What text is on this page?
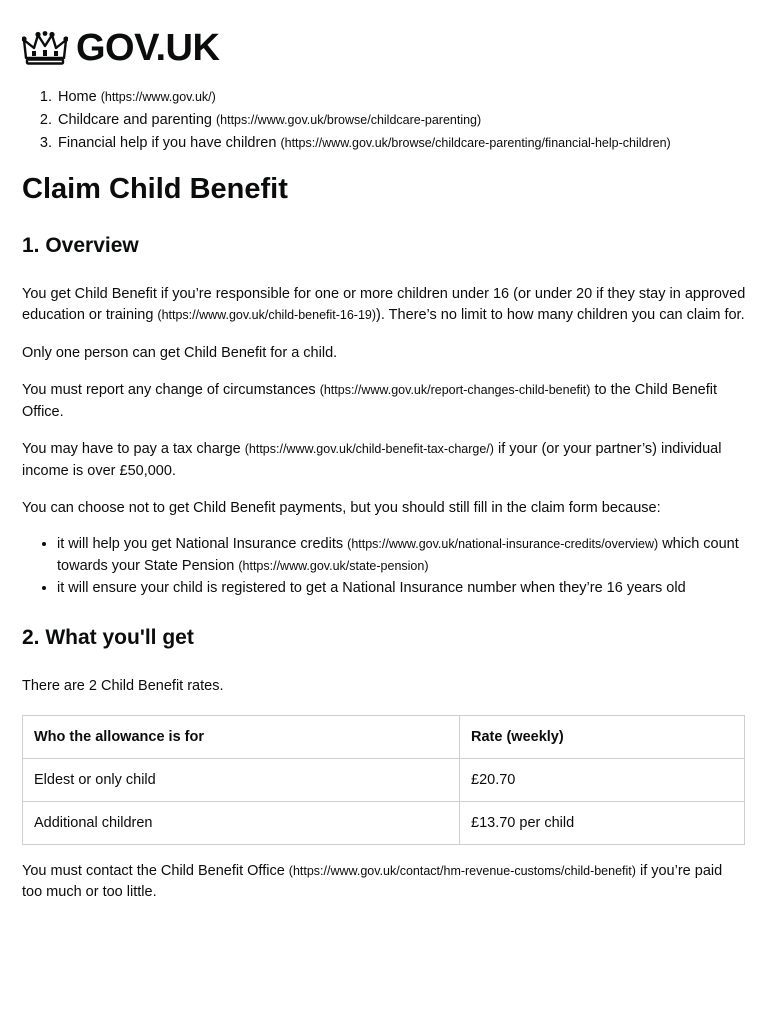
GOV.UK
1. Home (https://www.gov.uk/)
2. Childcare and parenting (https://www.gov.uk/browse/childcare-parenting)
3. Financial help if you have children (https://www.gov.uk/browse/childcare-parenting/financial-help-children)
Claim Child Benefit
1. Overview

You get Child Benefit if you’re responsible for one or more children under 16 (or under 20 if they stay in approved education or training (https://www.gov.uk/child-benefit-16-19)). There’s no limit to how many children you can claim for.

Only one person can get Child Benefit for a child.

You must report any change of circumstances (https://www.gov.uk/report-changes-child-benefit) to the Child Benefit Office.

You may have to pay a tax charge (https://www.gov.uk/child-benefit-tax-charge/) if your (or your partner’s) individual income is over £50,000.

You can choose not to get Child Benefit payments, but you should still fill in the claim form because:

• it will help you get National Insurance credits (https://www.gov.uk/national-insurance-credits/overview) which count towards your State Pension (https://www.gov.uk/state-pension)
• it will ensure your child is registered to get a National Insurance number when they’re 16 years old
2. What you'll get

There are 2 Child Benefit rates.

Who the allowance is for	Rate (weekly)
Eldest or only child	£20.70
Additional children	£13.70 per child

You must contact the Child Benefit Office (https://www.gov.uk/contact/hm-revenue-customs/child-benefit) if you’re paid too much or too little.
